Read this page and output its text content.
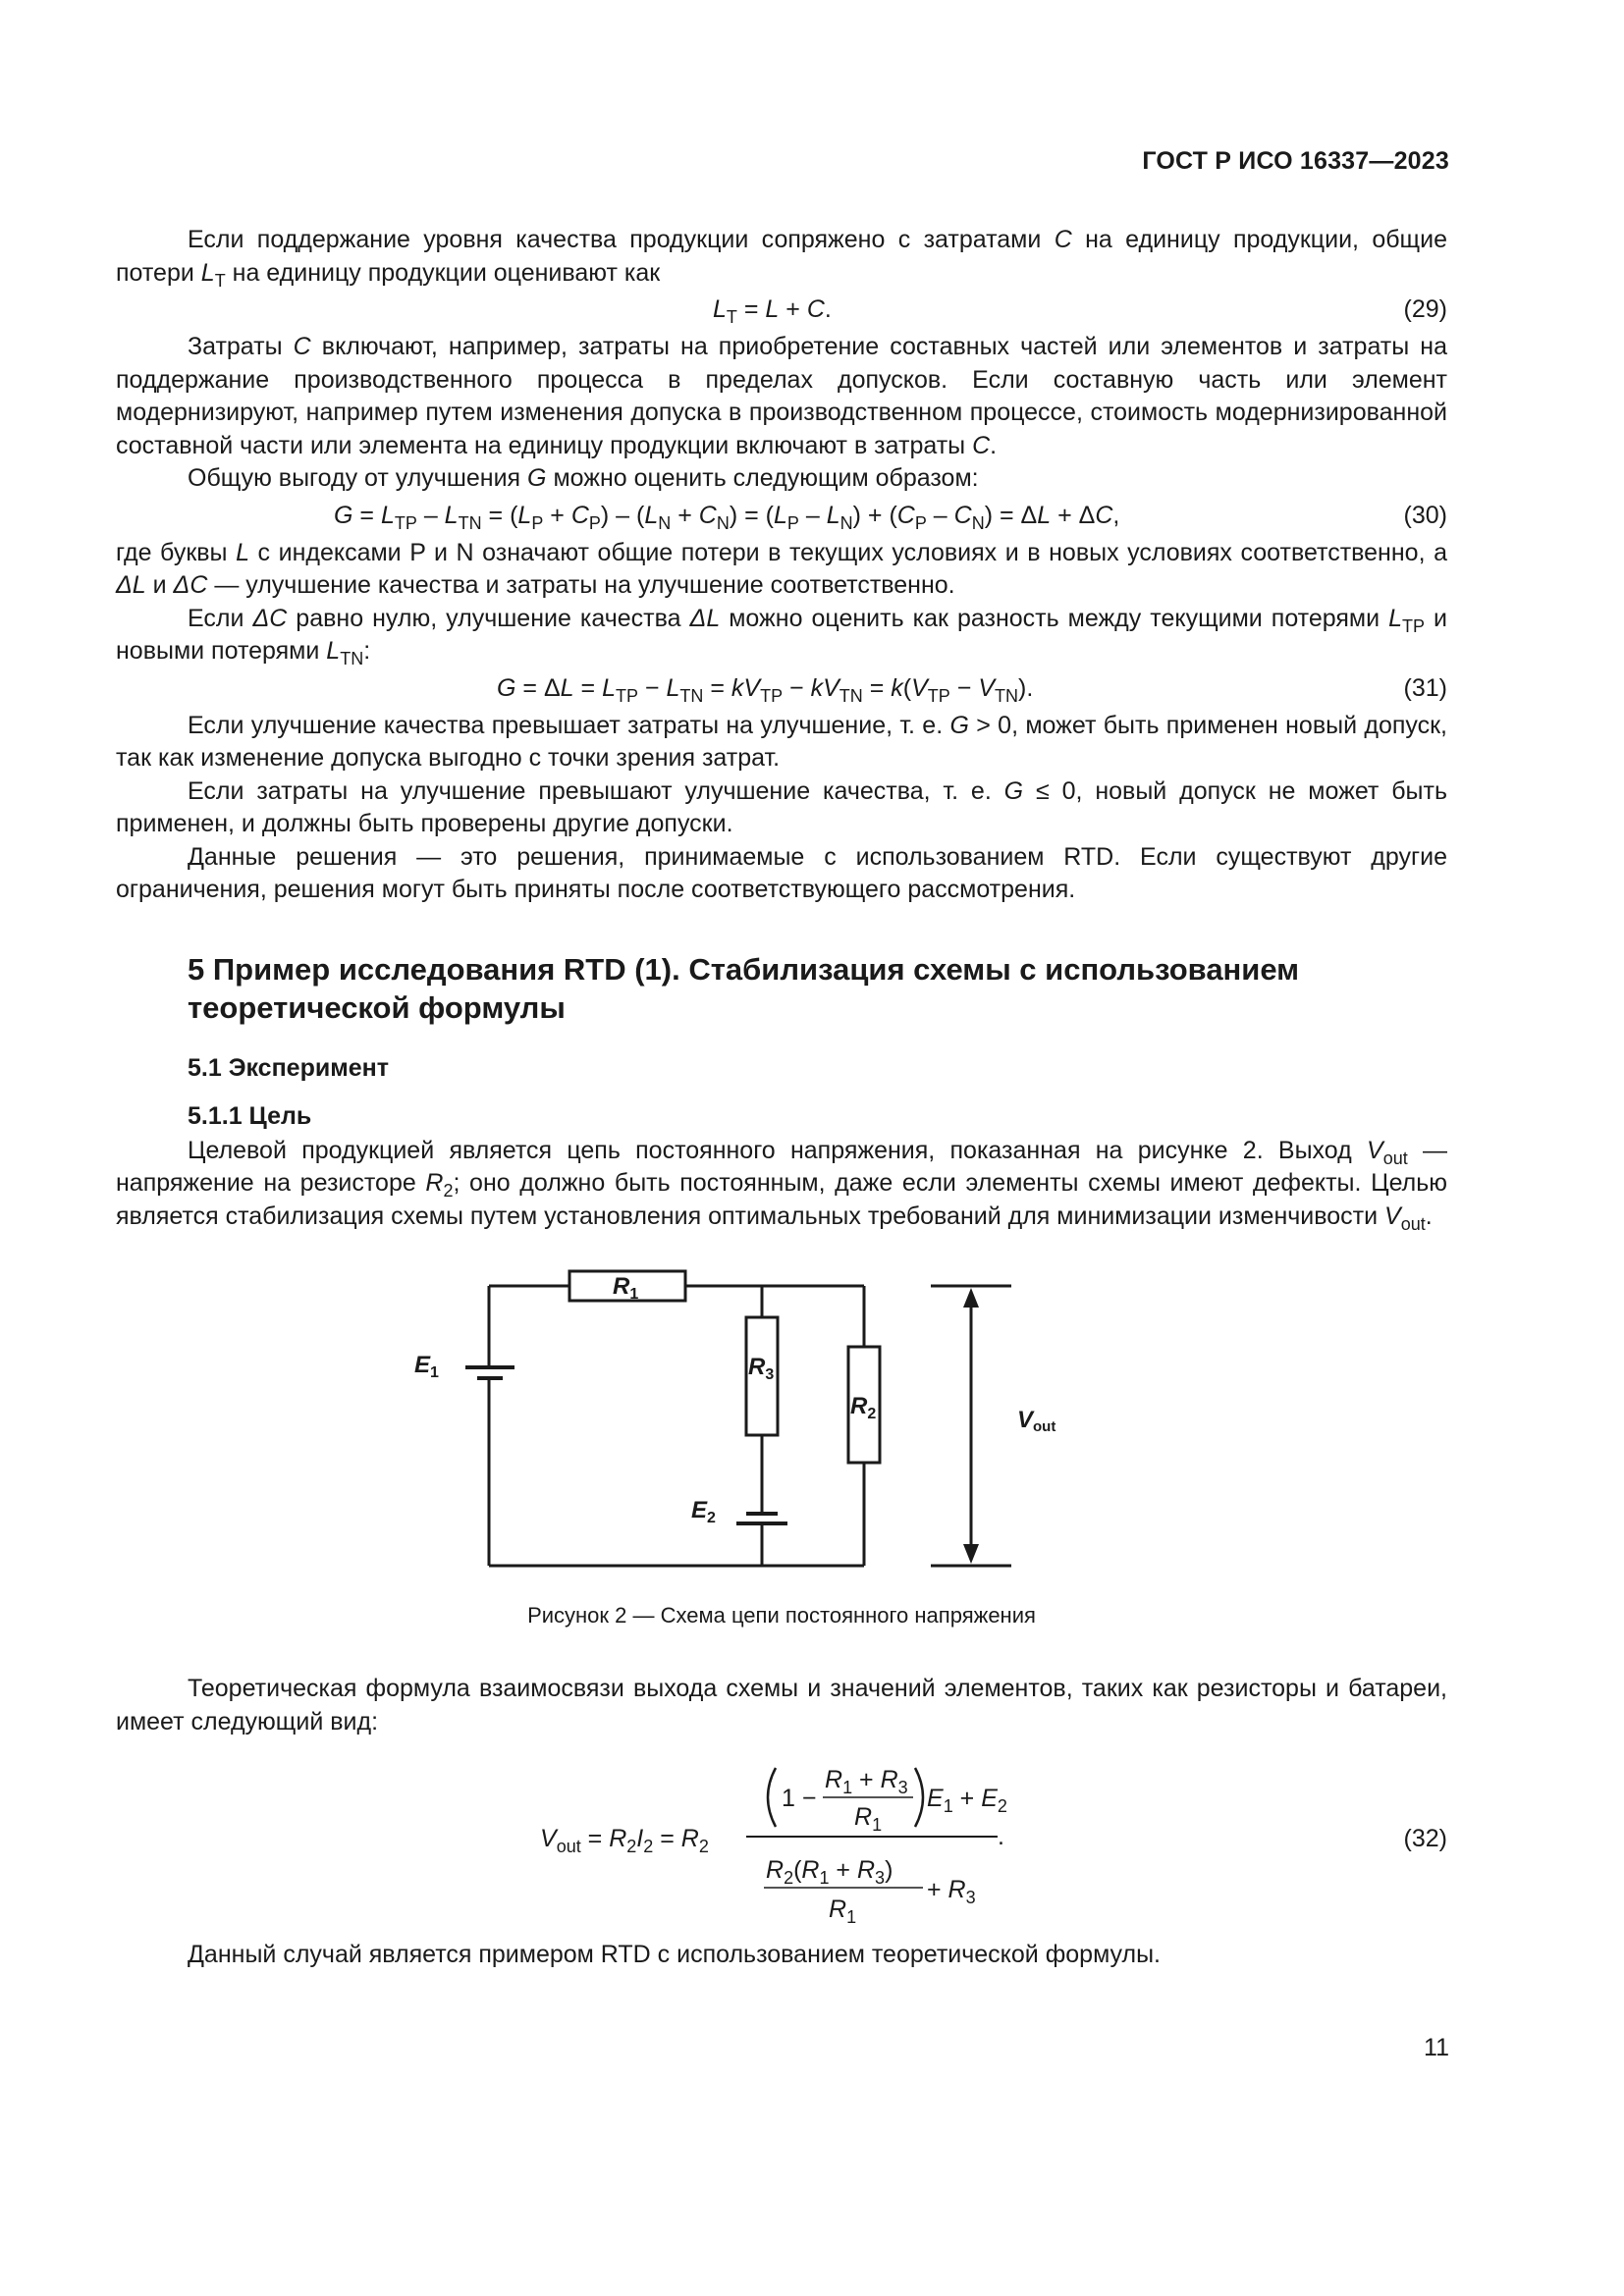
ГОСТ Р ИСО 16337—2023

Если поддержание уровня качества продукции сопряжено с затратами C на единицу продукции, общие потери $L_T$ на единицу продукции оценивают как

$L_T = L + C$.	(29)

Затраты C включают, например, затраты на приобретение составных частей или элементов и затраты на поддержание производственного процесса в пределах допусков. Если составную часть или элемент модернизируют, например путем изменения допуска в производственном процессе, стоимость модернизированной составной части или элемента на единицу продукции включают в затраты C.

Общую выгоду от улучшения G можно оценить следующим образом:

$G = L_{TP} - L_{TN} = (L_P + C_P) - (L_N + C_N) = (L_P - L_N) + (C_P - C_N) = \Delta L + \Delta C$,	(30)

где буквы L с индексами P и N означают общие потери в текущих условиях и в новых условиях соответственно, а ΔL и ΔC — улучшение качества и затраты на улучшение соответственно.

Если ΔC равно нулю, улучшение качества ΔL можно оценить как разность между текущими потерями $L_{TP}$ и новыми потерями $L_{TN}$:

$G = \Delta L = L_{TP} - L_{TN} = kV_{TP} - kV_{TN} = k(V_{TP} - V_{TN})$.	(31)

Если улучшение качества превышает затраты на улучшение, т. е. G > 0, может быть применен новый допуск, так как изменение допуска выгодно с точки зрения затрат.

Если затраты на улучшение превышают улучшение качества, т. е. G ≤ 0, новый допуск не может быть применен, и должны быть проверены другие допуски.

Данные решения — это решения, принимаемые с использованием RTD. Если существуют другие ограничения, решения могут быть приняты после соответствующего рассмотрения.

5 Пример исследования RTD (1). Стабилизация схемы с использованием теоретической формулы
5.1 Эксперимент
5.1.1 Цель

Целевой продукцией является цепь постоянного напряжения, показанная на рисунке 2. Выход $V_{out}$ — напряжение на резисторе $R_2$; оно должно быть постоянным, даже если элементы схемы имеют дефекты. Целью является стабилизация схемы путем установления оптимальных требований для минимизации изменчивости $V_{out}$.

$R_1$
$R_3$
$R_2$
$E_1$
$E_2$
Vout
Рисунок 2 — Схема цепи постоянного напряжения

Теоретическая формула взаимосвязи выхода схемы и значений элементов, таких как резисторы и батареи, имеет следующий вид:

$V_{out} = R_2I_2 = R_2$
1 −
$R_1 + R_3$
$R_1$
$E_1 + E_2$
$R_2(R_1 + R_3)$
$R_1$
+ $R_3$
.	(32)

Данный случай является примером RTD с использованием теоретической формулы.

11
